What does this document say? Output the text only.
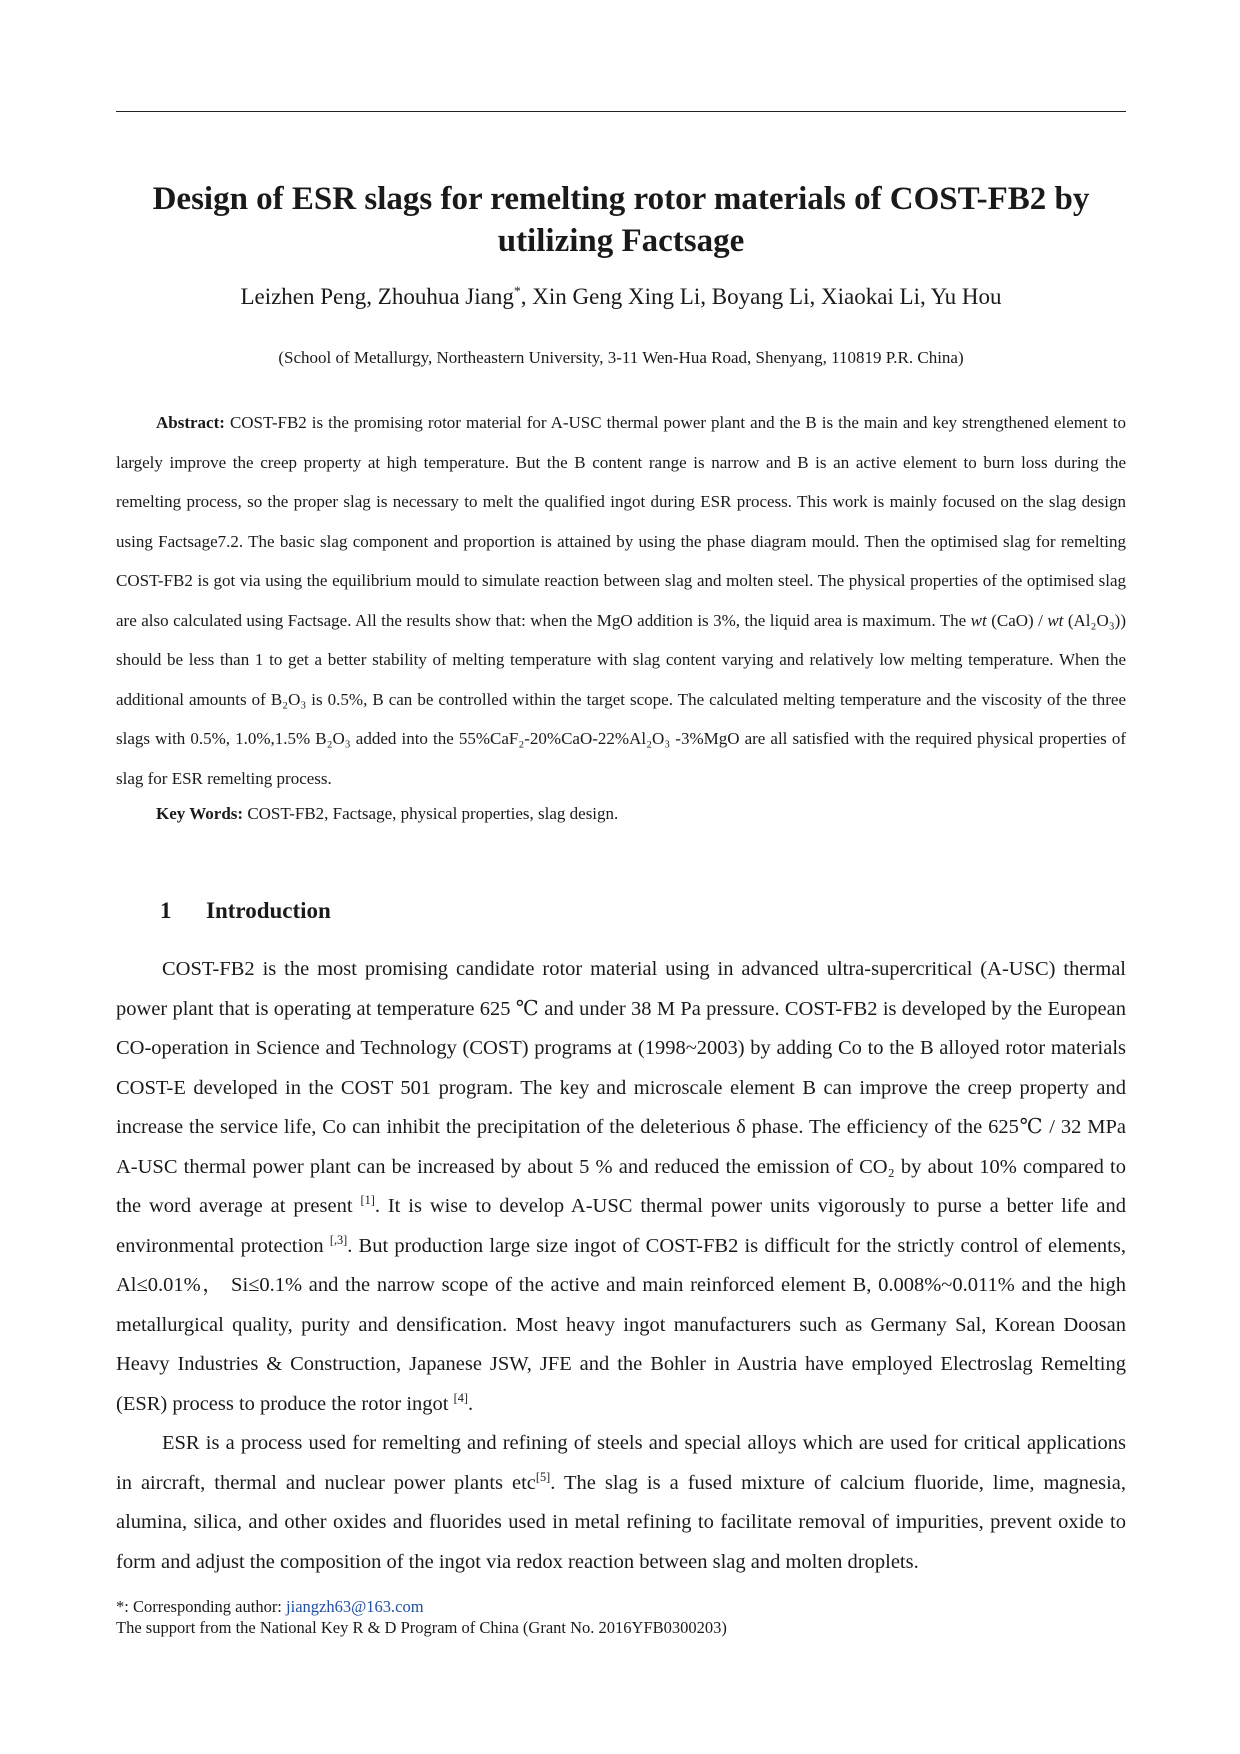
Design of ESR slags for remelting rotor materials of COST-FB2 by
utilizing Factsage
Leizhen Peng, Zhouhua Jiang*, Xin Geng Xing Li, Boyang Li, Xiaokai Li, Yu Hou
(School of Metallurgy, Northeastern University, 3-11 Wen-Hua Road, Shenyang, 110819 P.R. China)

Abstract: COST-FB2 is the promising rotor material for A-USC thermal power plant and the B is the main and key strengthened element to largely improve the creep property at high temperature. But the B content range is narrow and B is an active element to burn loss during the remelting process, so the proper slag is necessary to melt the qualified ingot during ESR process. This work is mainly focused on the slag design using Factsage7.2. The basic slag component and proportion is attained by using the phase diagram mould. Then the optimised slag for remelting COST-FB2 is got via using the equilibrium mould to simulate reaction between slag and molten steel. The physical properties of the optimised slag are also calculated using Factsage. All the results show that: when the MgO addition is 3%, the liquid area is maximum. The wt (CaO) / wt (Al₂O₃)) should be less than 1 to get a better stability of melting temperature with slag content varying and relatively low melting temperature. When the additional amounts of B₂O₃ is 0.5%, B can be controlled within the target scope. The calculated melting temperature and the viscosity of the three slags with 0.5%, 1.0%,1.5% B₂O₃ added into the 55%CaF₂-20%CaO-22%Al₂O₃ -3%MgO are all satisfied with the required physical properties of slag for ESR remelting process.

Key Words: COST-FB2, Factsage, physical properties, slag design.
1 Introduction

COST-FB2 is the most promising candidate rotor material using in advanced ultra-supercritical (A-USC) thermal power plant that is operating at temperature 625 ℃ and under 38 M Pa pressure. COST-FB2 is developed by the European CO-operation in Science and Technology (COST) programs at (1998~2003) by adding Co to the B alloyed rotor materials COST-E developed in the COST 501 program. The key and microscale element B can improve the creep property and increase the service life, Co can inhibit the precipitation of the deleterious δ phase. The efficiency of the 625℃ / 32 MPa A-USC thermal power plant can be increased by about 5 % and reduced the emission of CO₂ by about 10% compared to the word average at present [1]. It is wise to develop A-USC thermal power units vigorously to purse a better life and environmental protection [,3]. But production large size ingot of COST-FB2 is difficult for the strictly control of elements, Al≤0.01%， Si≤0.1% and the narrow scope of the active and main reinforced element B, 0.008%~0.011% and the high metallurgical quality, purity and densification. Most heavy ingot manufacturers such as Germany Sal, Korean Doosan Heavy Industries & Construction, Japanese JSW, JFE and the Bohler in Austria have employed Electroslag Remelting (ESR) process to produce the rotor ingot [4].

ESR is a process used for remelting and refining of steels and special alloys which are used for critical applications in aircraft, thermal and nuclear power plants etc[5]. The slag is a fused mixture of calcium fluoride, lime, magnesia, alumina, silica, and other oxides and fluorides used in metal refining to facilitate removal of impurities, prevent oxide to form and adjust the composition of the ingot via redox reaction between slag and molten droplets.

*: Corresponding author: jiangzh63@163.com
The support from the National Key R & D Program of China (Grant No. 2016YFB0300203)
